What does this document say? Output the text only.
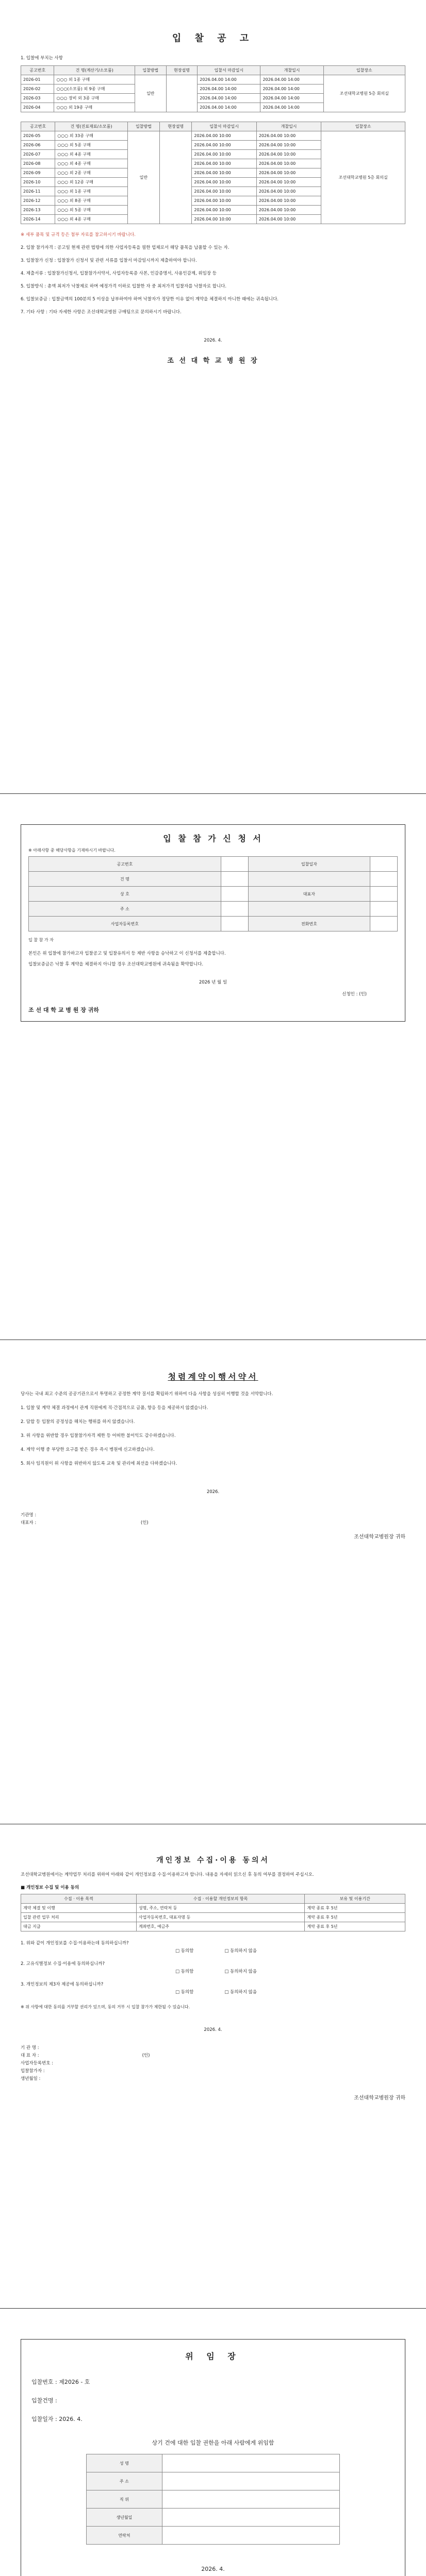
입 찰 공 고
1. 입찰에 부치는 사항
공고번호	건 명(계산기/소모품)	입찰방법	현장설명	입찰서 마감일시	개찰일시	입찰장소
2026-01	○○○ 외 1종 구매	일반		2026.04.00 14:00	2026.04.00 14:00	조선대학교병원 5층 회의실
2026-02	○○○(소모품) 외 9종 구매			2026.04.00 14:00	2026.04.00 14:00	
2026-03	○○○ 장비 외 3종 구매			2026.04.00 14:00	2026.04.00 14:00	
2026-04	○○○ 외 19종 구매			2026.04.00 14:00	2026.04.00 14:00	
공고번호	건 명(진료재료/소모품)	입찰방법	현장설명	입찰서 마감일시	개찰일시	입찰장소
2026-05	○○○ 외 33종 구매	일반		2026.04.00 10:00	2026.04.00 10:00	조선대학교병원 5층 회의실
2026-06	○○○ 외 5종 구매			2026.04.00 10:00	2026.04.00 10:00	
2026-07	○○○ 외 4종 구매			2026.04.00 10:00	2026.04.00 10:00	
2026-08	○○○ 외 4종 구매			2026.04.00 10:00	2026.04.00 10:00	
2026-09	○○○ 외 2종 구매			2026.04.00 10:00	2026.04.00 10:00	
2026-10	○○○ 외 12종 구매			2026.04.00 10:00	2026.04.00 10:00	
2026-11	○○○ 외 1종 구매			2026.04.00 10:00	2026.04.00 10:00	
2026-12	○○○ 외 8종 구매			2026.04.00 10:00	2026.04.00 10:00	
2026-13	○○○ 외 5종 구매			2026.04.00 10:00	2026.04.00 10:00	
2026-14	○○○ 외 4종 구매			2026.04.00 10:00	2026.04.00 10:00	
※ 세부 품목 및 규격 등은 첨부 자료를 참고하시기 바랍니다.
2. 입찰 참가자격 : 공고일 현재 관련 법령에 의한 사업자등록을 필한 업체로서 해당 품목을 납품할 수 있는 자.
3. 입찰참가 신청 : 입찰참가 신청서 및 관련 서류를 입찰서 마감일시까지 제출하여야 합니다.
4. 제출서류 : 입찰참가신청서, 입찰참가서약서, 사업자등록증 사본, 인감증명서, 사용인감계, 위임장 등
5. 입찰방식 : 총액 최저가 낙찰제로 하며 예정가격 이하로 입찰한 자 중 최저가격 입찰자를 낙찰자로 합니다.
6. 입찰보증금 : 입찰금액의 100분의 5 이상을 납부하여야 하며 낙찰자가 정당한 이유 없이 계약을 체결하지 아니한 때에는 귀속됩니다.
7. 기타 사항 : 기타 자세한 사항은 조선대학교병원 구매팀으로 문의하시기 바랍니다.
2026. 4.
조 선 대 학 교 병 원 장
입 찰 참 가 신 청 서
※ 아래사항 중 해당사항을 기재하시기 바랍니다.
공고번호		입찰일자	
건 명			
상 호		대표자	
주 소			
사업자등록번호		전화번호	
입 찰 참 가 자
본인은 위 입찰에 참가하고자 입찰공고 및 입찰유의서 등 제반 사항을 승낙하고 이 신청서를 제출합니다.
입찰보증금은 낙찰 후 계약을 체결하지 아니할 경우 조선대학교병원에 귀속됨을 확약합니다.
2026 년 월 일
신청인 : (인)
조 선 대 학 교 병 원 장 귀하
청렴계약이행서약서
당사는 국내 최고 수준의 공공기관으로서 투명하고 공정한 계약 질서를 확립하기 위하여 다음 사항을 성실히 이행할 것을 서약합니다.
1. 입찰 및 계약 체결 과정에서 관계 직원에게 직·간접적으로 금품, 향응 등을 제공하지 않겠습니다.
2. 담합 등 입찰의 공정성을 해치는 행위를 하지 않겠습니다.
3. 위 사항을 위반할 경우 입찰참가자격 제한 등 어떠한 불이익도 감수하겠습니다.
4. 계약 이행 중 부당한 요구를 받은 경우 즉시 병원에 신고하겠습니다.
5. 회사 임직원이 위 사항을 위반하지 않도록 교육 및 관리에 최선을 다하겠습니다.
2026.
기관명 :
대표자 :	(인)
조선대학교병원장 귀하
개인정보 수집·이용 동의서
조선대학교병원에서는 계약업무 처리를 위하여 아래와 같이 개인정보를 수집·이용하고자 합니다. 내용을 자세히 읽으신 후 동의 여부를 결정하여 주십시오.
■ 개인정보 수집 및 이용 동의
수집 · 이용 목적	수집 · 이용할 개인정보의 항목	보유 및 이용기간
계약 체결 및 이행	성명, 주소, 연락처 등	계약 종료 후 5년
입찰 관련 업무 처리	사업자등록번호, 대표자명 등	계약 종료 후 5년
대금 지급	계좌번호, 예금주	계약 종료 후 5년
1. 위와 같이 개인정보를 수집·이용하는데 동의하십니까?
□ 동의함	□ 동의하지 않음
2. 고유식별정보 수집·이용에 동의하십니까?
□ 동의함	□ 동의하지 않음
3. 개인정보의 제3자 제공에 동의하십니까?
□ 동의함	□ 동의하지 않음
※ 위 사항에 대한 동의를 거부할 권리가 있으며, 동의 거부 시 입찰 참가가 제한될 수 있습니다.
2026. 4.
기 관 명 :
대 표 자 :	(인)
사업자등록번호 :
입찰참가자 :
생년월일 :
조선대학교병원장 귀하
위 임 장
입찰번호 : 제2026 - 호
입찰건명 :
입찰일자 : 2026. 4.
상기 건에 대한 입찰 권한을 아래 사람에게 위임함
성 명	
주 소	
직 위	
생년월일	
연락처	
2026. 4.
